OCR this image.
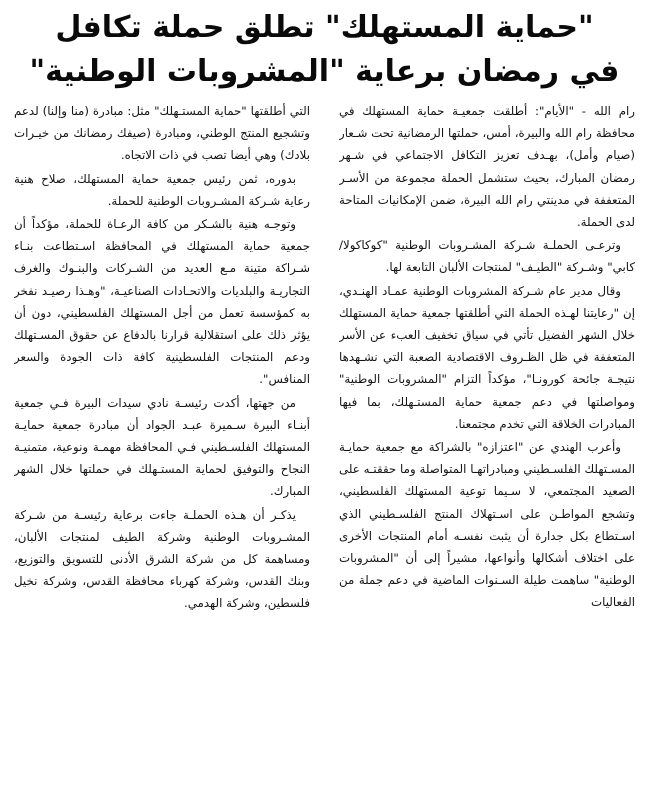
"حماية المستهلك" تطلق حملة تكافل
في رمضان برعاية "المشروبات الوطنية"

رام الله - "الأيام": أطلقت جمعيـة حماية المستهلك في محافظة رام الله والبيرة، أمس، حملتها الرمضانية تحت شـعار (صيام وأمل)، بهـدف تعزيز التكافل الاجتماعي في شـهر رمضان المبارك، بحيث ستشمل الحملة مجموعة من الأسـر المتعففة في مدينتي رام الله البيرة، ضمن الإمكانيات المتاحة لدى الحملة.

وترعـى الحملـة شـركة المشـروبات الوطنية "كوكاكولا/كابي" وشـركة "الطيـف" لمنتجات الألبان التابعة لها.

وقال مدير عام شـركة المشروبات الوطنية عمـاد الهنـدي، إن "رعايتنا لهـذه الحملة التي أطلقتها جمعية حماية المستهلك خلال الشهر الفضيل تأتي في سياق تخفيف العبء عن الأسر المتعففة في ظل الظـروف الاقتصادية الصعبة التي نشـهدها نتيجـة جائحة كورونـا"، مؤكداً التزام "المشروبات الوطنية" ومواصلتها في دعم جمعية حماية المستـهلك، بما فيها المبادرات الخلاقة التي تخدم مجتمعنا.

وأعرب الهندي عن "اعتزازه" بالشراكة مع جمعية حمايـة المسـتهلك الفلسـطيني ومبادراتهـا المتواصلة وما حققتـه على الصعيد المجتمعي، لا سـيما توعية المستهلك الفلسطيني، وتشجع المواطـن على اسـتهلاك المنتج الفلسـطيني الذي اسـتطاع بكل جدارة أن يثبت نفسـه أمام المنتجات الأخرى على اختلاف أشكالها وأنواعها، مشيراً إلى أن "المشروبات الوطنية" ساهمت طيلة السـنوات الماضية في دعم جملة من الفعاليات

التي أطلقتها "حماية المستـهلك" مثل: مبادرة (منا وإلنا) لدعم وتشجيع المنتج الوطني، ومبادرة (صيفك رمضانك من خيـرات بلادك) وهي أيضا تصب في ذات الاتجاه.

بدوره، ثمن رئيس جمعية حماية المستهلك، صلاح هنية رعاية شـركة المشـروبات الوطنية للحملة.

وتوجـه هنية بالشـكر من كافة الرعـاة للحملة، مؤكداً أن جمعية حماية المستهلك في المحافظة اسـتطاعت بنـاء شـراكة متينة مـع العديد من الشـركات والبنـوك والغرف التجاريـة والبلديات والاتحـادات الصناعيـة، "وهـذا رصيـد نفخر به كمؤسسة تعمل من أجل المستهلك الفلسطيني، دون أن يؤثر ذلك على استقلالية قرارنا بالدفاع عن حقوق المسـتهلك ودعم المنتجات الفلسطينية كافة ذات الجودة والسعر المنافس".

من جهتها، أكدت رئيسـة نادي سيدات البيرة فـي جمعية أبنـاء البيرة سـميرة عبـد الجواد أن مبادرة جمعية حمايـة المستهلك الفلسـطيني فـي المحافظة مهمـة ونوعية، متمنيـة النجاح والتوفيق لحماية المستـهلك في حملتها خلال الشهر المبارك.

يذكـر أن هـذه الحملـة جاءت برعاية رئيسـة من شـركة المشـروبات الوطنية وشركة الطيف لمنتجات الألبان، ومساهمة كل من شركة الشرق الأدنى للتسويق والتوزيع، وبنك القدس، وشركة كهرباء محافظة القدس، وشركة نخيل فلسطين، وشركة الهدمي.
